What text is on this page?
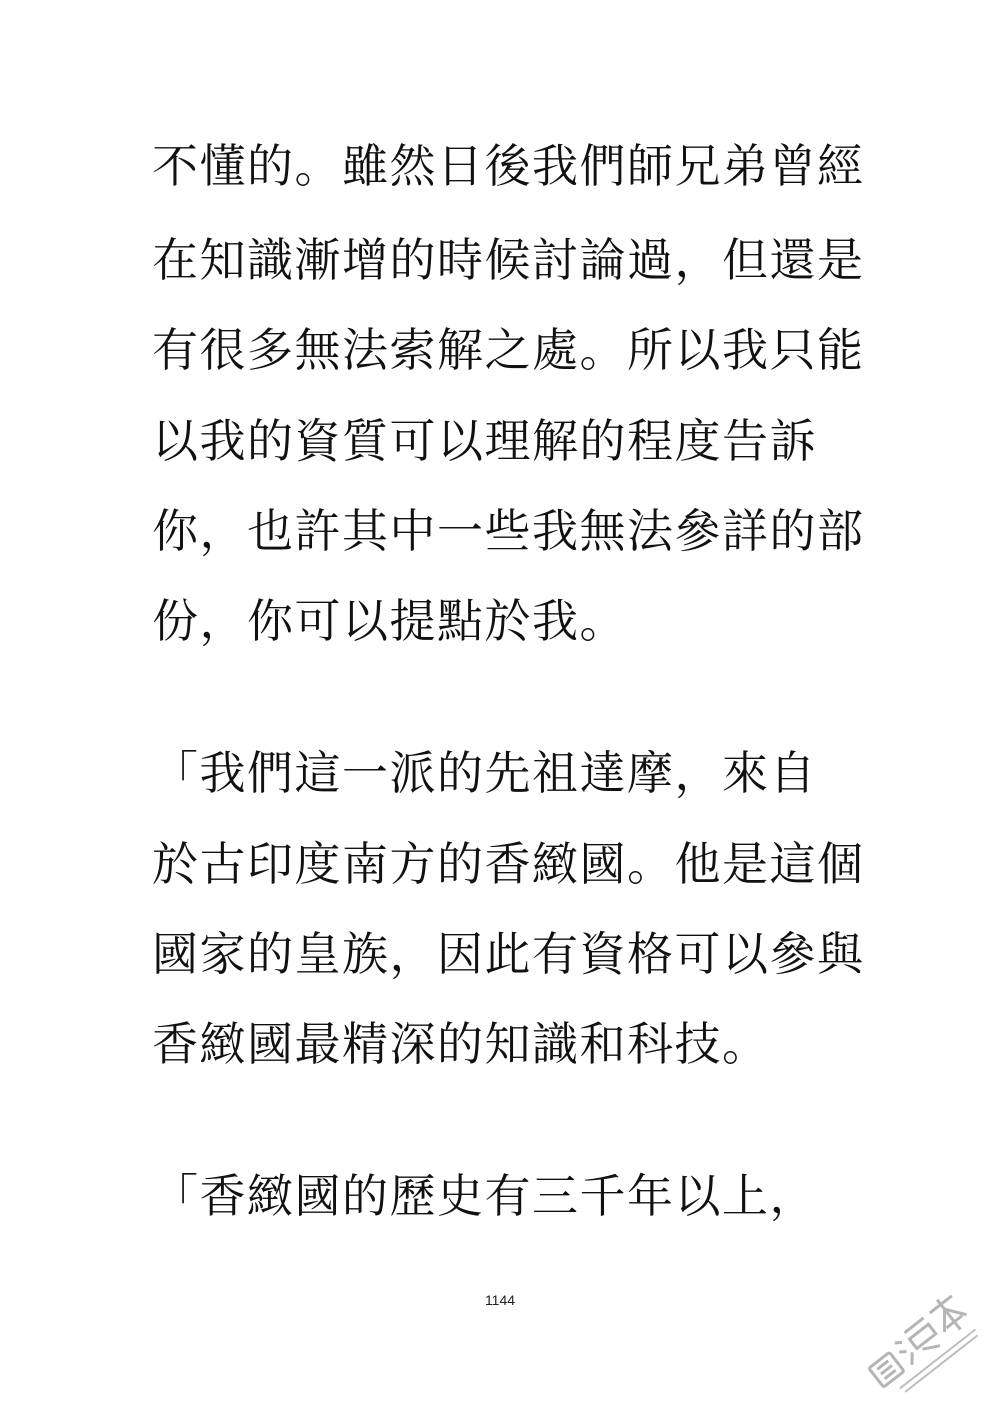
不懂的。雖然日後我們師兄弟曾經
在知識漸增的時候討論過，但還是
有很多無法索解之處。所以我只能
以我的資質可以理解的程度告訴
你，也許其中一些我無法參詳的部
份，你可以提點於我。
「我們這一派的先祖達摩，來自
於古印度南方的香緻國。他是這個
國家的皇族，因此有資格可以參與
香緻國最精深的知識和科技。
「香緻國的歷史有三千年以上，
1144
